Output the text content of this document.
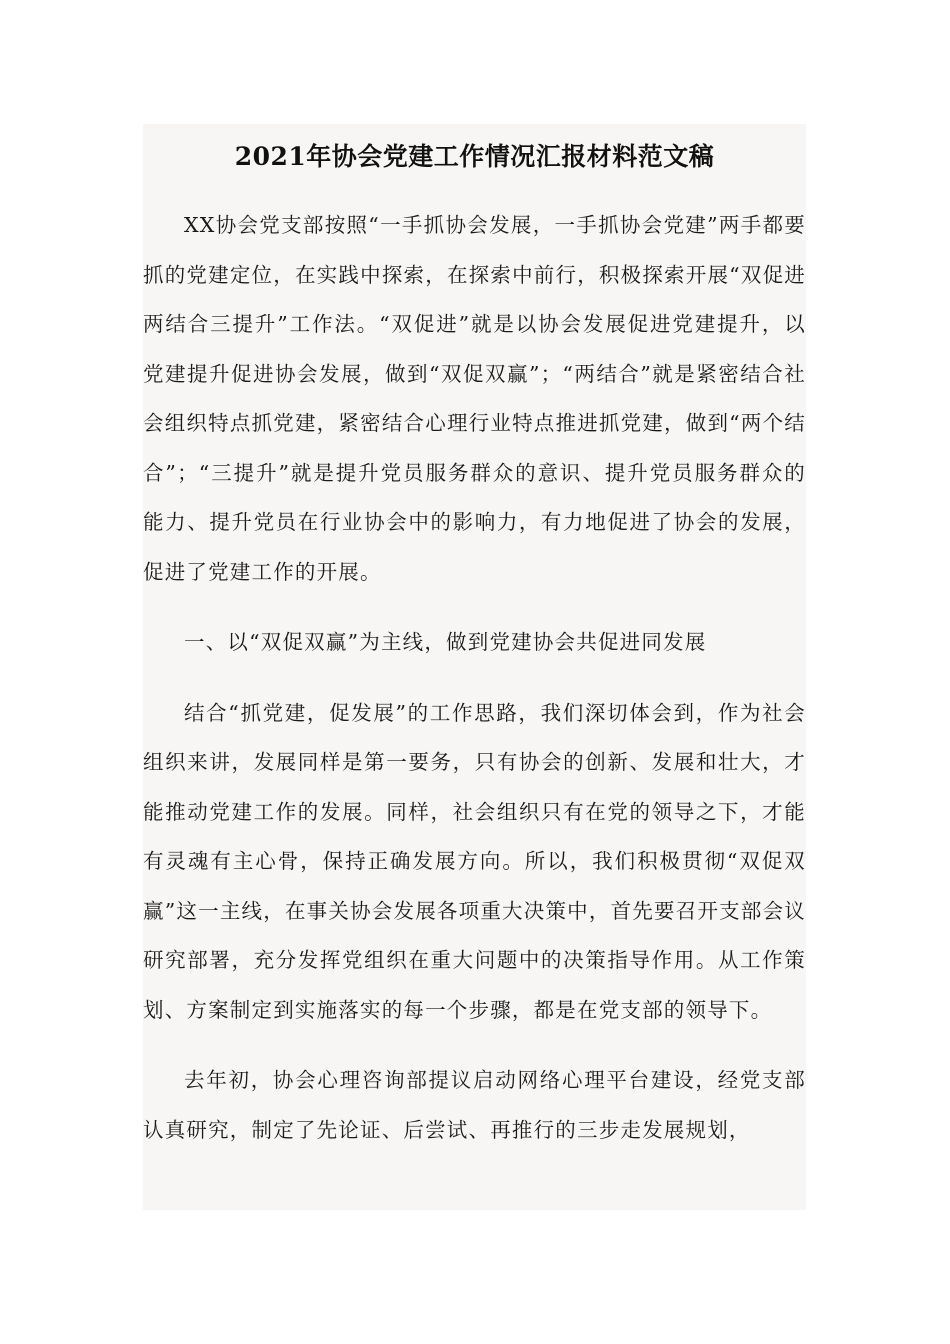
2021年协会党建工作情况汇报材料范文稿

XX协会党支部按照“一手抓协会发展，一手抓协会党建”两手都要抓的党建定位，在实践中探索，在探索中前行，积极探索开展“双促进两结合三提升”工作法。“双促进”就是以协会发展促进党建提升，以党建提升促进协会发展，做到“双促双赢”；“两结合”就是紧密结合社会组织特点抓党建，紧密结合心理行业特点推进抓党建，做到“两个结合”；“三提升”就是提升党员服务群众的意识、提升党员服务群众的能力、提升党员在行业协会中的影响力，有力地促进了协会的发展，促进了党建工作的开展。

一、以“双促双赢”为主线，做到党建协会共促进同发展

结合“抓党建，促发展”的工作思路，我们深切体会到，作为社会组织来讲，发展同样是第一要务，只有协会的创新、发展和壮大，才能推动党建工作的发展。同样，社会组织只有在党的领导之下，才能有灵魂有主心骨，保持正确发展方向。所以，我们积极贯彻“双促双赢”这一主线，在事关协会发展各项重大决策中，首先要召开支部会议研究部署，充分发挥党组织在重大问题中的决策指导作用。从工作策划、方案制定到实施落实的每一个步骤，都是在党支部的领导下。

去年初，协会心理咨询部提议启动网络心理平台建设，经党支部认真研究，制定了先论证、后尝试、再推行的三步走发展规划，
